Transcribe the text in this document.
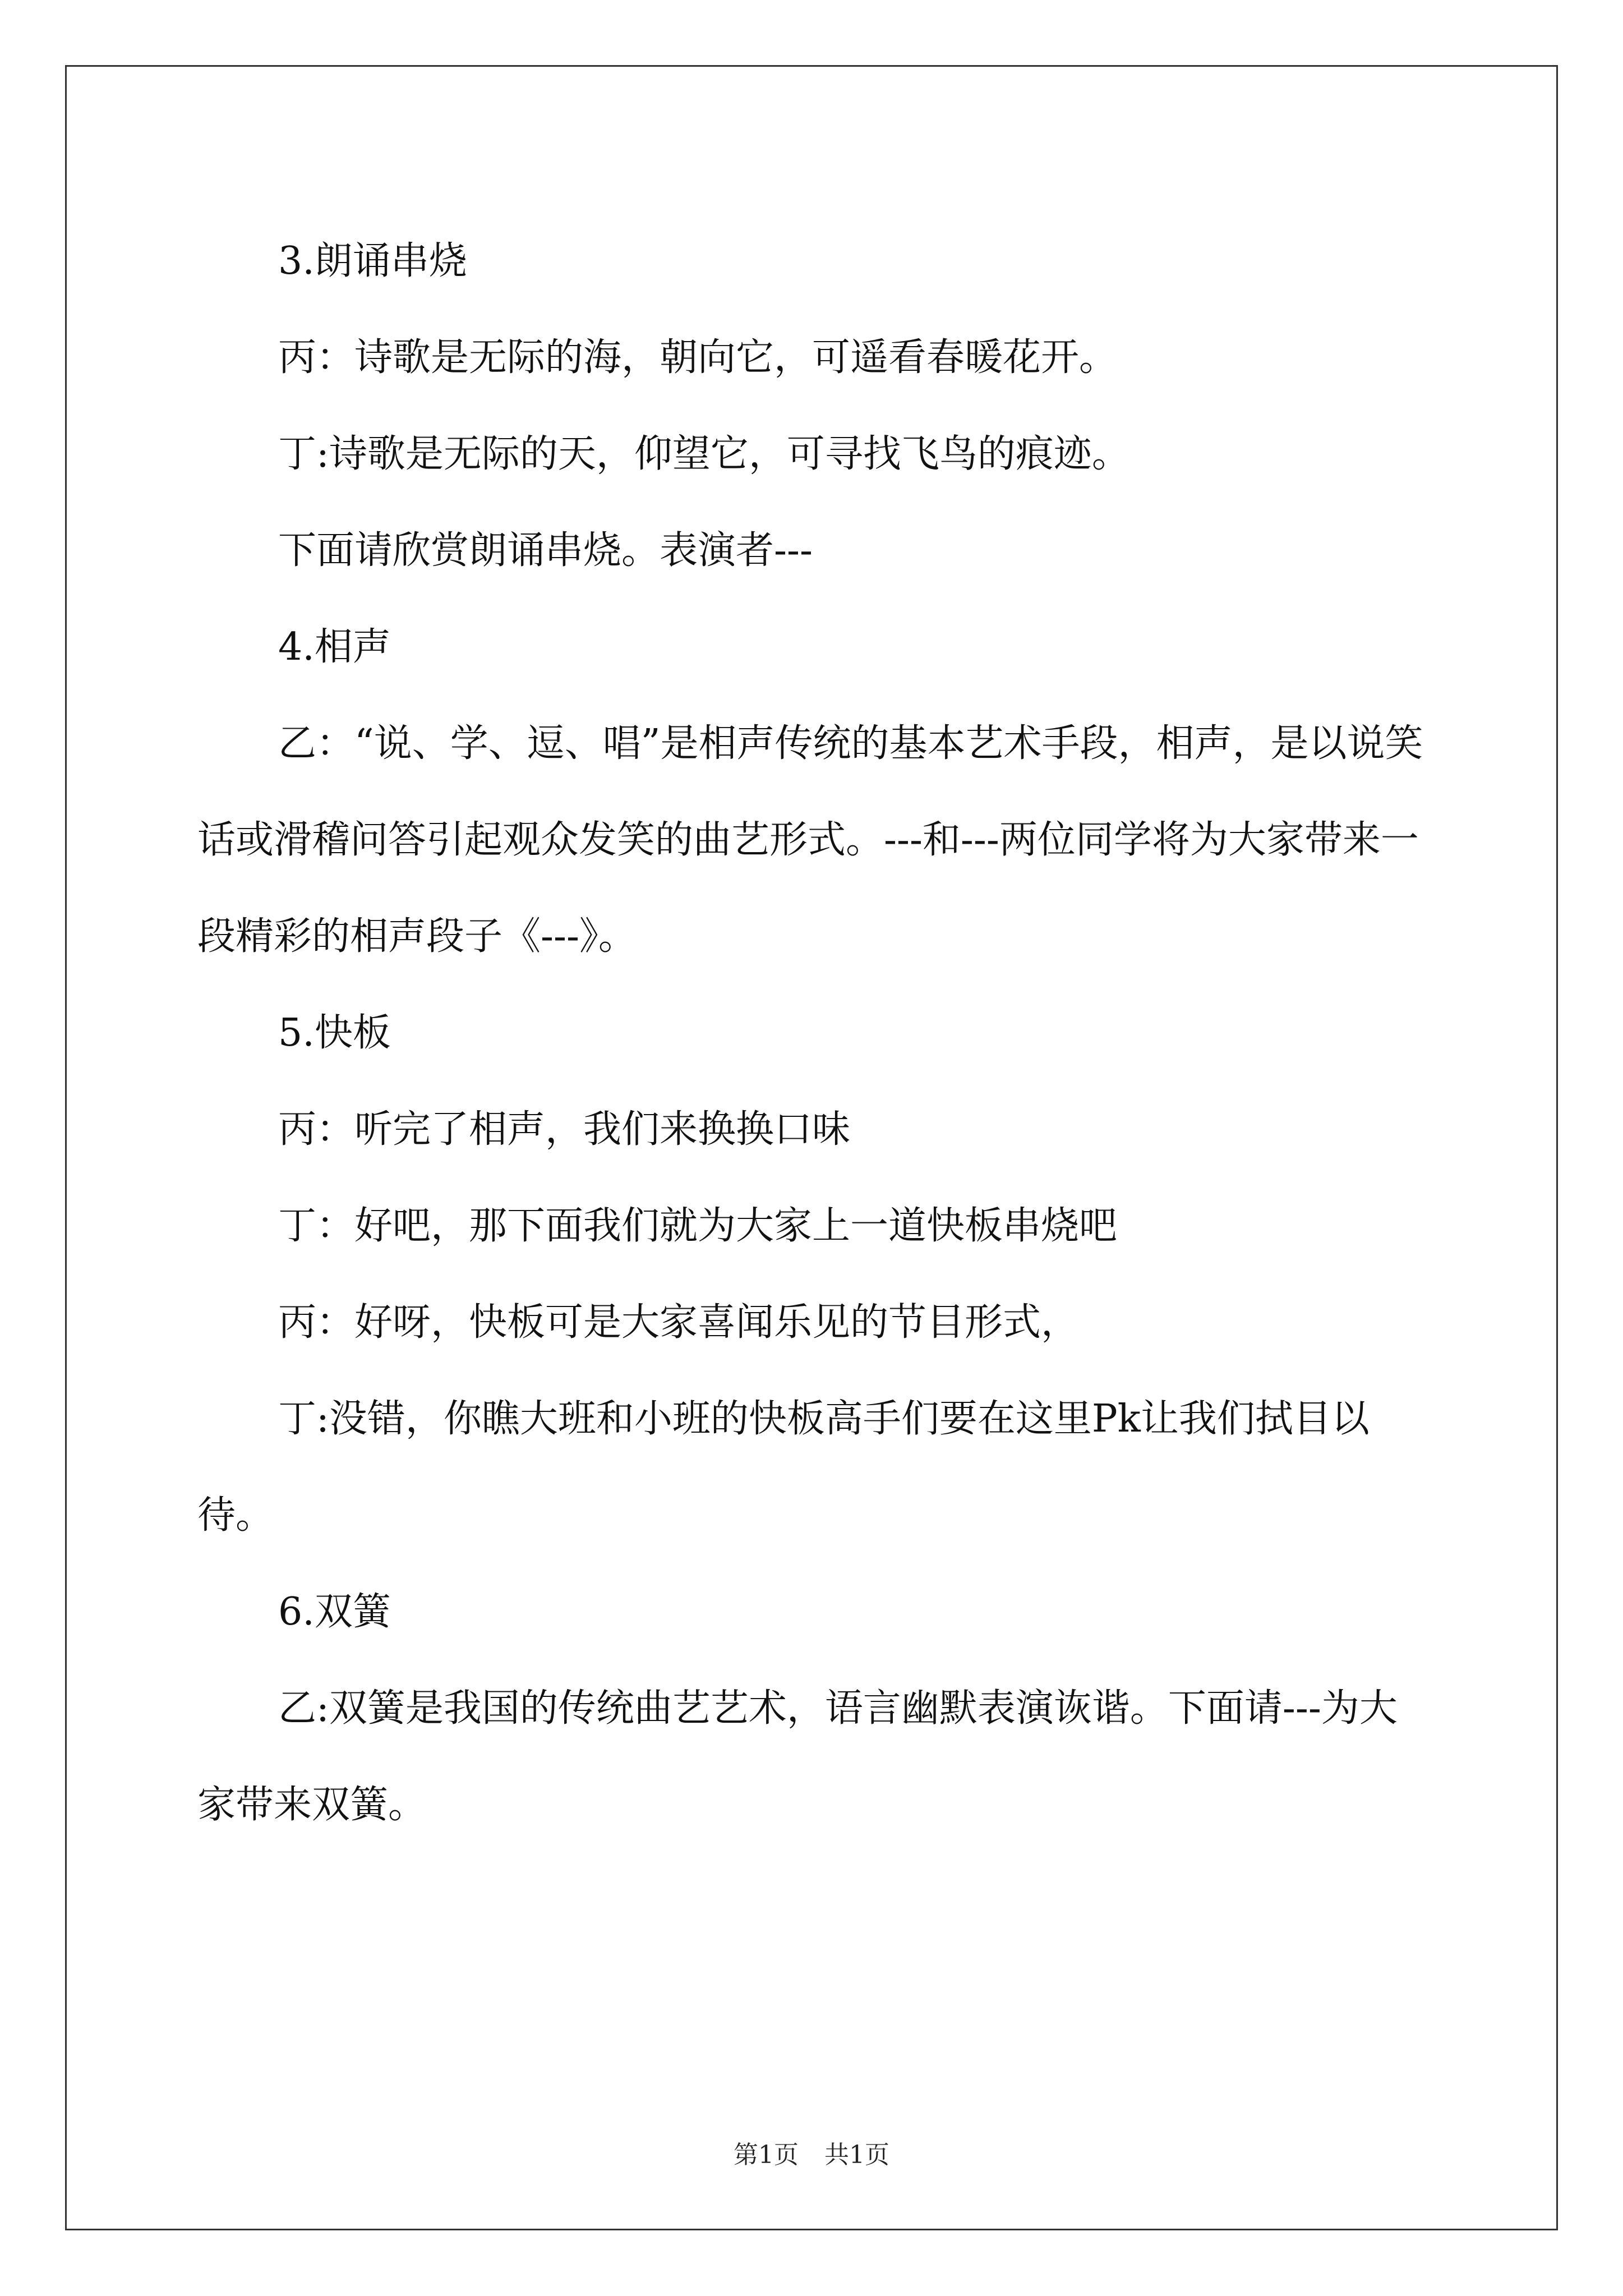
3.朗诵串烧

丙：诗歌是无际的海，朝向它，可遥看春暖花开。

丁:诗歌是无际的天，仰望它，可寻找飞鸟的痕迹。

下面请欣赏朗诵串烧。表演者---

4.相声

乙：“说、学、逗、唱”是相声传统的基本艺术手段，相声，是以说笑话或滑稽问答引起观众发笑的曲艺形式。---和---两位同学将为大家带来一段精彩的相声段子《---》。

5.快板

丙：听完了相声，我们来换换口味

丁：好吧，那下面我们就为大家上一道快板串烧吧

丙：好呀，快板可是大家喜闻乐见的节目形式，

丁:没错，你瞧大班和小班的快板高手们要在这里Pk让我们拭目以待。

6.双簧

乙:双簧是我国的传统曲艺艺术，语言幽默表演诙谐。下面请---为大家带来双簧。

第1页 共1页
